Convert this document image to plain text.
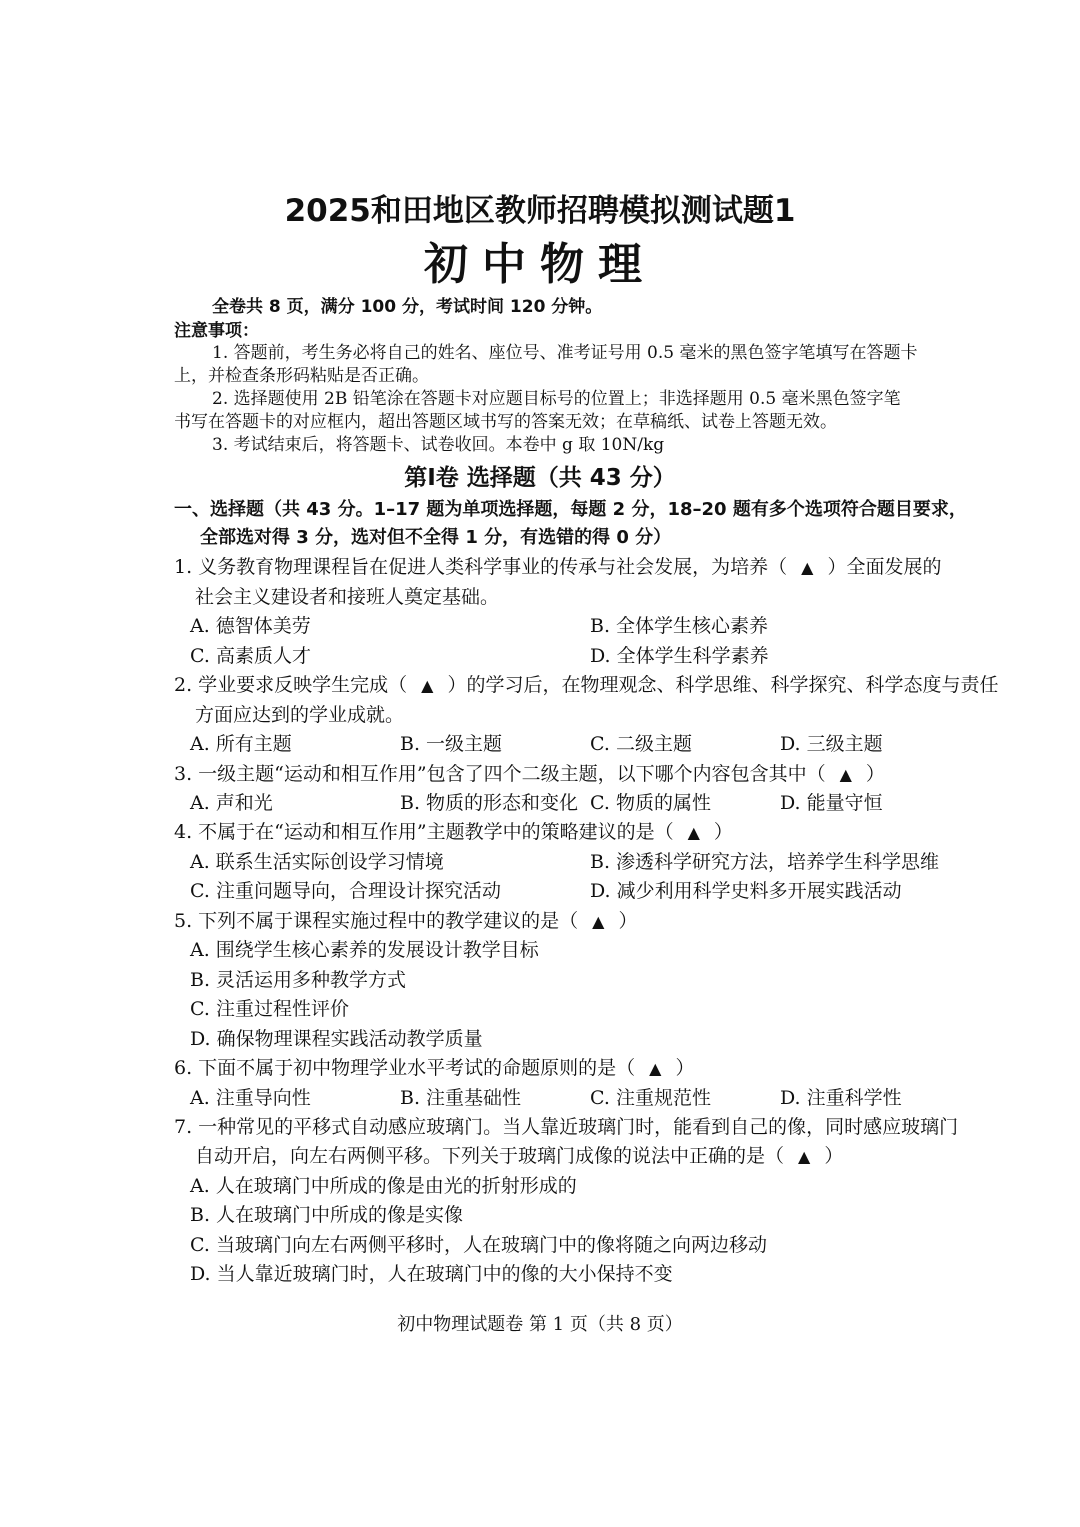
2025和田地区教师招聘模拟测试题1
初中物理
全卷共 8 页，满分 100 分，考试时间 120 分钟。
注意事项：
1. 答题前，考生务必将自己的姓名、座位号、准考证号用 0.5 毫米的黑色签字笔填写在答题卡
上，并检查条形码粘贴是否正确。
2. 选择题使用 2B 铅笔涂在答题卡对应题目标号的位置上；非选择题用 0.5 毫米黑色签字笔
书写在答题卡的对应框内，超出答题区域书写的答案无效；在草稿纸、试卷上答题无效。
3. 考试结束后，将答题卡、试卷收回。本卷中 g 取 10N/kg
第Ⅰ卷 选择题（共 43 分）
一、选择题（共 43 分。1–17 题为单项选择题，每题 2 分，18–20 题有多个选项符合题目要求，
全部选对得 3 分，选对但不全得 1 分，有选错的得 0 分）
1. 义务教育物理课程旨在促进人类科学事业的传承与社会发展，为培养（ ▲ ）全面发展的
社会主义建设者和接班人奠定基础。
A. 德智体美劳	B. 全体学生核心素养
C. 高素质人才	D. 全体学生科学素养
2. 学业要求反映学生完成（ ▲ ）的学习后，在物理观念、科学思维、科学探究、科学态度与责任
方面应达到的学业成就。
A. 所有主题	B. 一级主题	C. 二级主题	D. 三级主题
3. 一级主题“运动和相互作用”包含了四个二级主题，以下哪个内容包含其中（ ▲ ）
A. 声和光	B. 物质的形态和变化 C. 物质的属性	D. 能量守恒
4. 不属于在“运动和相互作用”主题教学中的策略建议的是（ ▲ ）
A. 联系生活实际创设学习情境	B. 渗透科学研究方法，培养学生科学思维
C. 注重问题导向，合理设计探究活动	D. 减少利用科学史料多开展实践活动
5. 下列不属于课程实施过程中的教学建议的是（ ▲ ）
A. 围绕学生核心素养的发展设计教学目标
B. 灵活运用多种教学方式
C. 注重过程性评价
D. 确保物理课程实践活动教学质量
6. 下面不属于初中物理学业水平考试的命题原则的是（ ▲ ）
A. 注重导向性	B. 注重基础性	C. 注重规范性	D. 注重科学性
7. 一种常见的平移式自动感应玻璃门。当人靠近玻璃门时，能看到自己的像，同时感应玻璃门
自动开启，向左右两侧平移。下列关于玻璃门成像的说法中正确的是（ ▲ ）
A. 人在玻璃门中所成的像是由光的折射形成的
B. 人在玻璃门中所成的像是实像
C. 当玻璃门向左右两侧平移时，人在玻璃门中的像将随之向两边移动
D. 当人靠近玻璃门时，人在玻璃门中的像的大小保持不变
初中物理试题卷 第 1 页（共 8 页）
